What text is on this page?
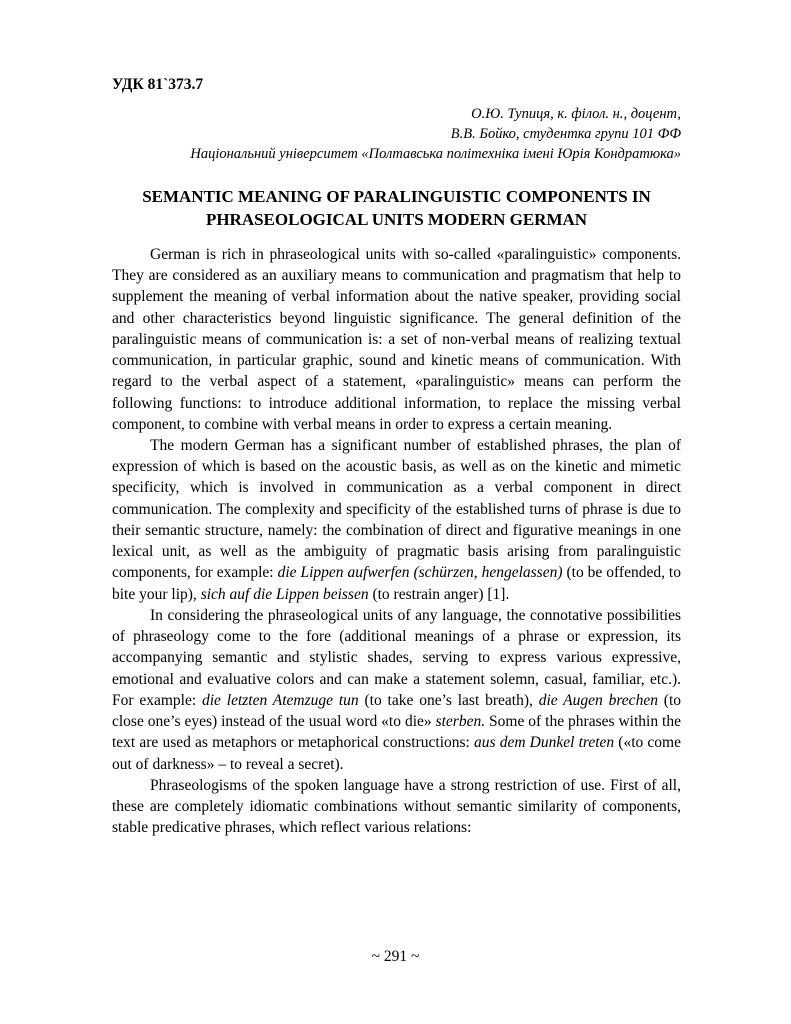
УДК 81`373.7
О.Ю. Тупиця, к. філол. н., доцент,
В.В. Бойко, студентка групи 101 ФФ
Національний університет «Полтавська політехніка імені Юрія Кондратюка»
SEMANTIC MEANING OF PARALINGUISTIC COMPONENTS IN PHRASEOLOGICAL UNITS MODERN GERMAN

German is rich in phraseological units with so-called «paralinguistic» components. They are considered as an auxiliary means to communication and pragmatism that help to supplement the meaning of verbal information about the native speaker, providing social and other characteristics beyond linguistic significance. The general definition of the paralinguistic means of communication is: a set of non-verbal means of realizing textual communication, in particular graphic, sound and kinetic means of communication. With regard to the verbal aspect of a statement, «paralinguistic» means can perform the following functions: to introduce additional information, to replace the missing verbal component, to combine with verbal means in order to express a certain meaning.

The modern German has a significant number of established phrases, the plan of expression of which is based on the acoustic basis, as well as on the kinetic and mimetic specificity, which is involved in communication as a verbal component in direct communication. The complexity and specificity of the established turns of phrase is due to their semantic structure, namely: the combination of direct and figurative meanings in one lexical unit, as well as the ambiguity of pragmatic basis arising from paralinguistic components, for example: die Lippen aufwerfen (schürzen, hengelassen) (to be offended, to bite your lip), sich auf die Lippen beissen (to restrain anger) [1].

In considering the phraseological units of any language, the connotative possibilities of phraseology come to the fore (additional meanings of a phrase or expression, its accompanying semantic and stylistic shades, serving to express various expressive, emotional and evaluative colors and can make a statement solemn, casual, familiar, etc.). For example: die letzten Atemzuge tun (to take one’s last breath), die Augen brechen (to close one’s eyes) instead of the usual word «to die» sterben. Some of the phrases within the text are used as metaphors or metaphorical constructions: aus dem Dunkel treten («to come out of darkness» – to reveal a secret).

Phraseologisms of the spoken language have a strong restriction of use. First of all, these are completely idiomatic combinations without semantic similarity of components, stable predicative phrases, which reflect various relations:

~ 291 ~
